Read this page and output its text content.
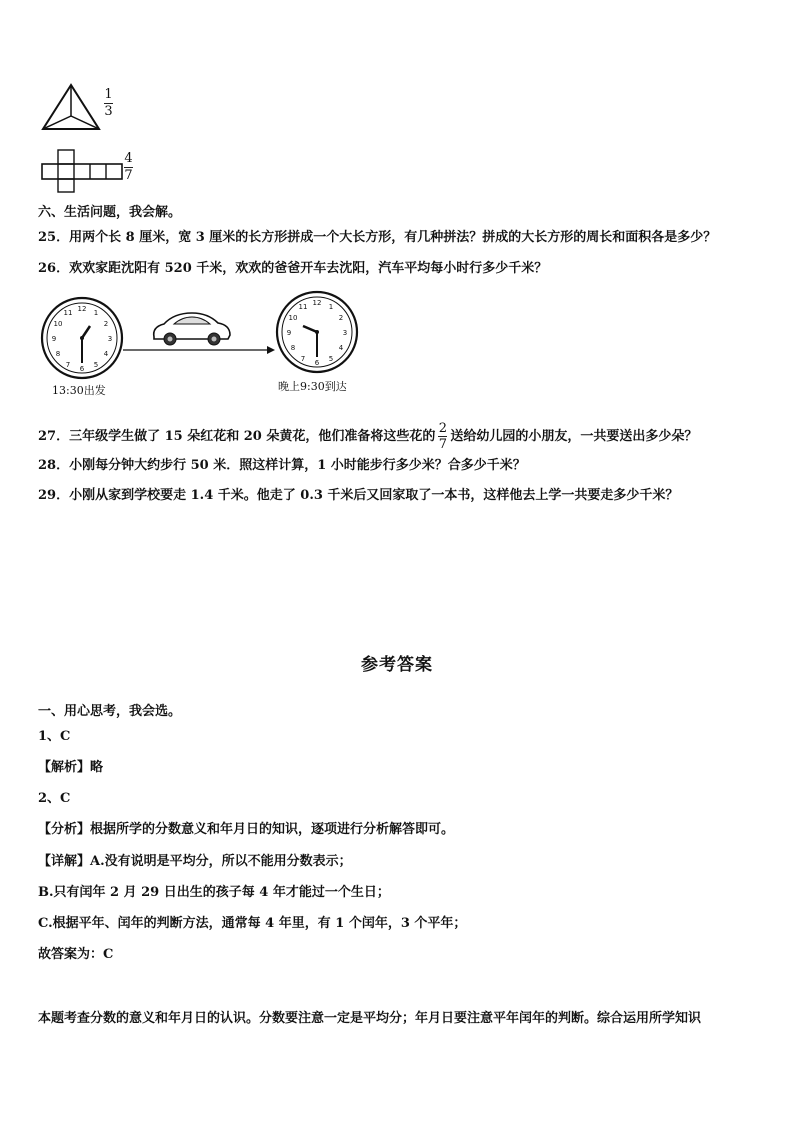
1
3
4
7
六、生活问题，我会解。
25．用两个长 8 厘米，宽 3 厘米的长方形拼成一个大长方形，有几种拼法？拼成的大长方形的周长和面积各是多少？
26．欢欢家距沈阳有 520 千米，欢欢的爸爸开车去沈阳，汽车平均每小时行多少千米？
12 1
2
3
4
5
6
7
8
9
10
11
13:30出发
12 1
2
3
4
5
6
7
8
9
10
11
晚上9:30到达
27．三年级学生做了 15 朵红花和 20 朵黄花，他们准备将这些花的 2
7
送给幼儿园的小朋友，一共要送出多少朵？
28．小刚每分钟大约步行 50 米．照这样计算，1 小时能步行多少米？合多少千米？
29．小刚从家到学校要走 1.4 千米。他走了 0.3 千米后又回家取了一本书，这样他去上学一共要走多少千米？
参考答案
一、用心思考，我会选。
1、C
【解析】略
2、C
【分析】根据所学的分数意义和年月日的知识，逐项进行分析解答即可。
【详解】A.没有说明是平均分，所以不能用分数表示；
B.只有闰年 2 月 29 日出生的孩子每 4 年才能过一个生日；
C.根据平年、闰年的判断方法，通常每 4 年里，有 1 个闰年，3 个平年；
故答案为：C
本题考查分数的意义和年月日的认识。分数要注意一定是平均分；年月日要注意平年闰年的判断。综合运用所学知识
